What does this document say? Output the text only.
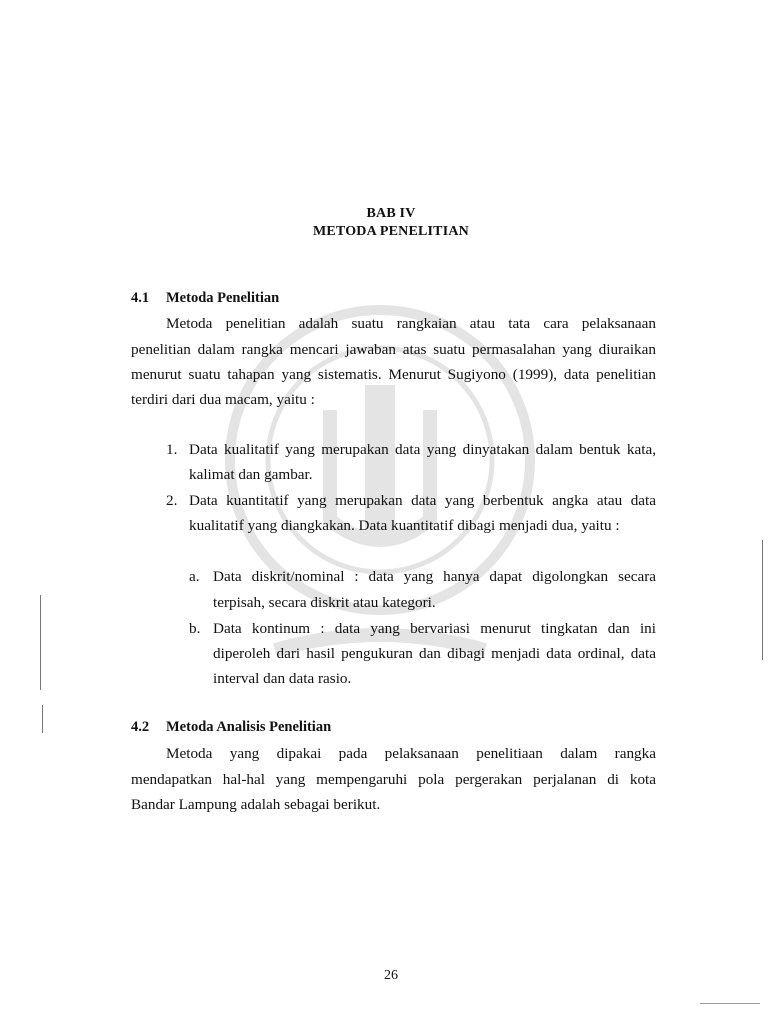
BAB IV
METODA PENELITIAN
4.1 Metoda Penelitian
Metoda penelitian adalah suatu rangkaian atau tata cara pelaksanaan
penelitian dalam rangka mencari jawaban atas suatu permasalahan yang diuraikan
menurut suatu tahapan yang sistematis. Menurut Sugiyono (1999), data penelitian
terdiri dari dua macam, yaitu :
1. Data kualitatif yang merupakan data yang dinyatakan dalam bentuk kata,
kalimat dan gambar.
2. Data kuantitatif yang merupakan data yang berbentuk angka atau data
kualitatif yang diangkakan. Data kuantitatif dibagi menjadi dua, yaitu :
a. Data diskrit/nominal : data yang hanya dapat digolongkan secara
terpisah, secara diskrit atau kategori.
b. Data kontinum : data yang bervariasi menurut tingkatan dan ini
diperoleh dari hasil pengukuran dan dibagi menjadi data ordinal, data
interval dan data rasio.
4.2 Metoda Analisis Penelitian
Metoda yang dipakai pada pelaksanaan penelitiaan dalam rangka
mendapatkan hal-hal yang mempengaruhi pola pergerakan perjalanan di kota
Bandar Lampung adalah sebagai berikut.
26
